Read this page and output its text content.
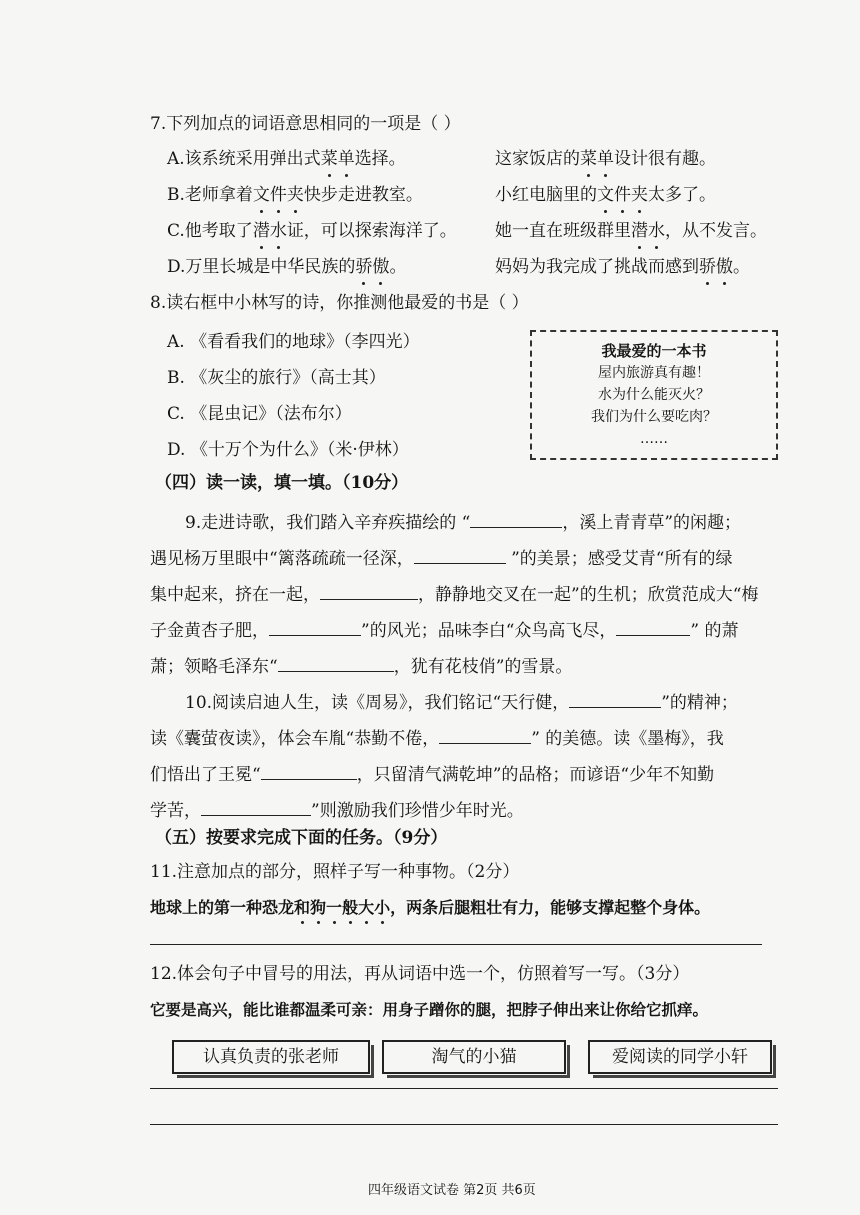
7.下列加点的词语意思相同的一项是（ ）
A.该系统采用弹出式菜单选择。	这家饭店的菜单设计很有趣。
B.老师拿着文件夹快步走进教室。	小红电脑里的文件夹太多了。
C.他考取了潜水证，可以探索海洋了。 她一直在班级群里潜水，从不发言。
D.万里长城是中华民族的骄傲。	妈妈为我完成了挑战而感到骄傲。
8.读右框中小林写的诗，你推测他最爱的书是（ ）
A. 《看看我们的地球》（李四光）
B. 《灰尘的旅行》（高士其）
C. 《昆虫记》（法布尔）
D. 《十万个为什么》（米·伊林）
我最爱的一本书
屋内旅游真有趣！
水为什么能灭火？
我们为什么要吃肉？
……
（四）读一读，填一填。（10分）
9.走进诗歌，我们踏入辛弃疾描绘的 “	，溪上青青草”的闲趣；
遇见杨万里眼中“篱落疏疏一径深，	”的美景；感受艾青“所有的绿
集中起来，挤在一起，	，静静地交叉在一起”的生机；欣赏范成大“梅
子金黄杏子肥，	”的风光；品味李白“众鸟高飞尽，	” 的萧
萧；领略毛泽东“	，犹有花枝俏”的雪景。
10.阅读启迪人生，读《周易》，我们铭记“天行健，	”的精神；
读《囊萤夜读》，体会车胤“恭勤不倦，	” 的美德。读《墨梅》，我
们悟出了王冕“	，只留清气满乾坤”的品格；而谚语“少年不知勤
学苦，	”则激励我们珍惜少年时光。
（五）按要求完成下面的任务。（9分）
11.注意加点的部分，照样子写一种事物。（2分）
地球上的第一种恐龙和狗一般大小，两条后腿粗壮有力，能够支撑起整个身体。
12.体会句子中冒号的用法，再从词语中选一个，仿照着写一写。（3分）
它要是高兴，能比谁都温柔可亲：用身子蹭你的腿，把脖子伸出来让你给它抓痒。
认真负责的张老师	淘气的小猫	爱阅读的同学小轩
四年级语文试卷 第2页 共6页
